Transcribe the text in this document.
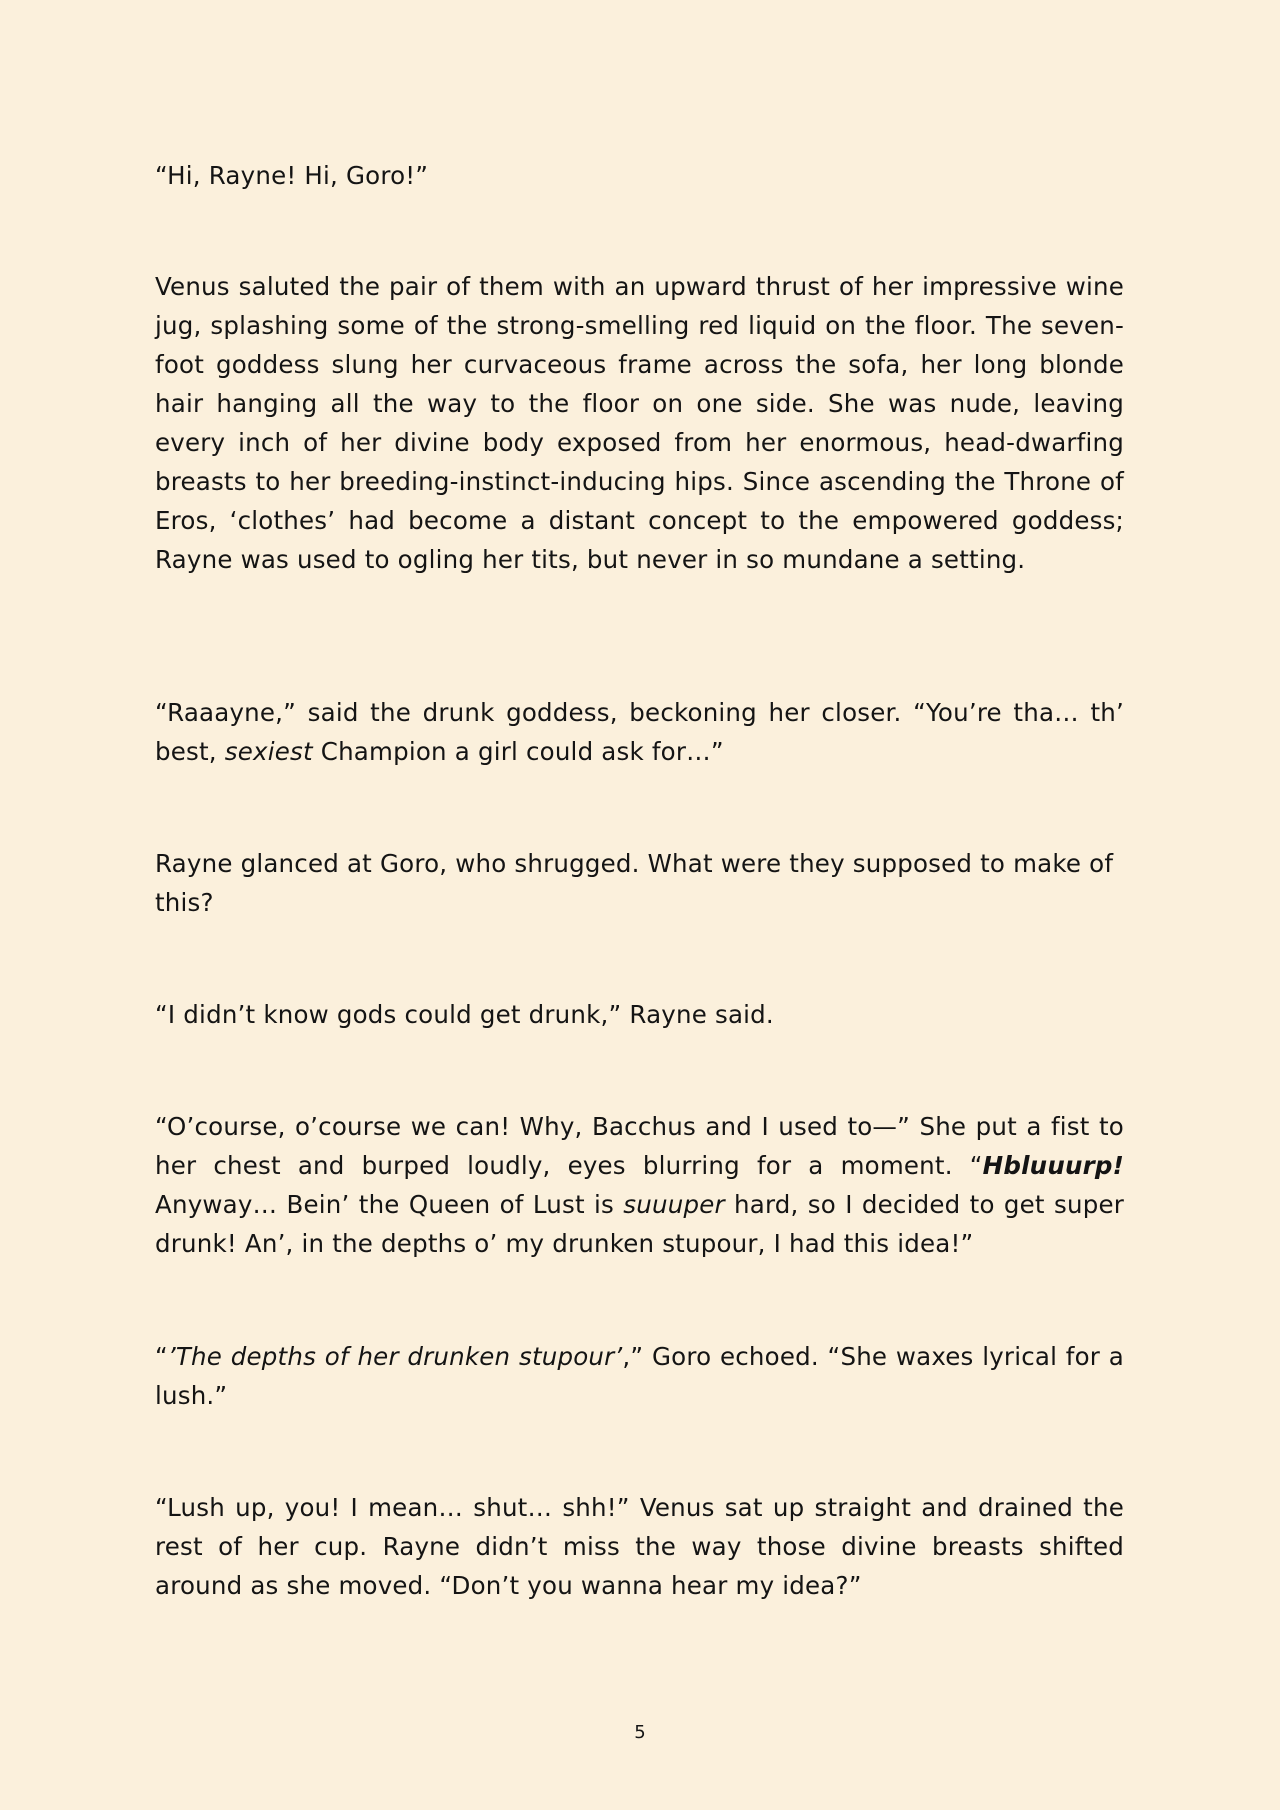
“Hi, Rayne! Hi, Goro!”

Venus saluted the pair of them with an upward thrust of her impressive wine jug, splashing some of the strong-smelling red liquid on the floor. The seven-foot goddess slung her curvaceous frame across the sofa, her long blonde hair hanging all the way to the floor on one side. She was nude, leaving every inch of her divine body exposed from her enormous, head-dwarfing breasts to her breeding-instinct-inducing hips. Since ascending the Throne of Eros, ‘clothes’ had become a distant concept to the empowered goddess; Rayne was used to ogling her tits, but never in so mundane a setting.

“Raaayne,” said the drunk goddess, beckoning her closer. “You’re tha… th’ best, sexiest Champion a girl could ask for…”

Rayne glanced at Goro, who shrugged. What were they supposed to make of this?

“I didn’t know gods could get drunk,” Rayne said.

“O’course, o’course we can! Why, Bacchus and I used to—” She put a fist to her chest and burped loudly, eyes blurring for a moment. “Hbluuurp! Anyway… Bein’ the Queen of Lust is suuuper hard, so I decided to get super drunk! An’, in the depths o’ my drunken stupour, I had this idea!”

“’The depths of her drunken stupour’,” Goro echoed. “She waxes lyrical for a lush.”

“Lush up, you! I mean… shut… shh!” Venus sat up straight and drained the rest of her cup. Rayne didn’t miss the way those divine breasts shifted around as she moved. “Don’t you wanna hear my idea?”

5
